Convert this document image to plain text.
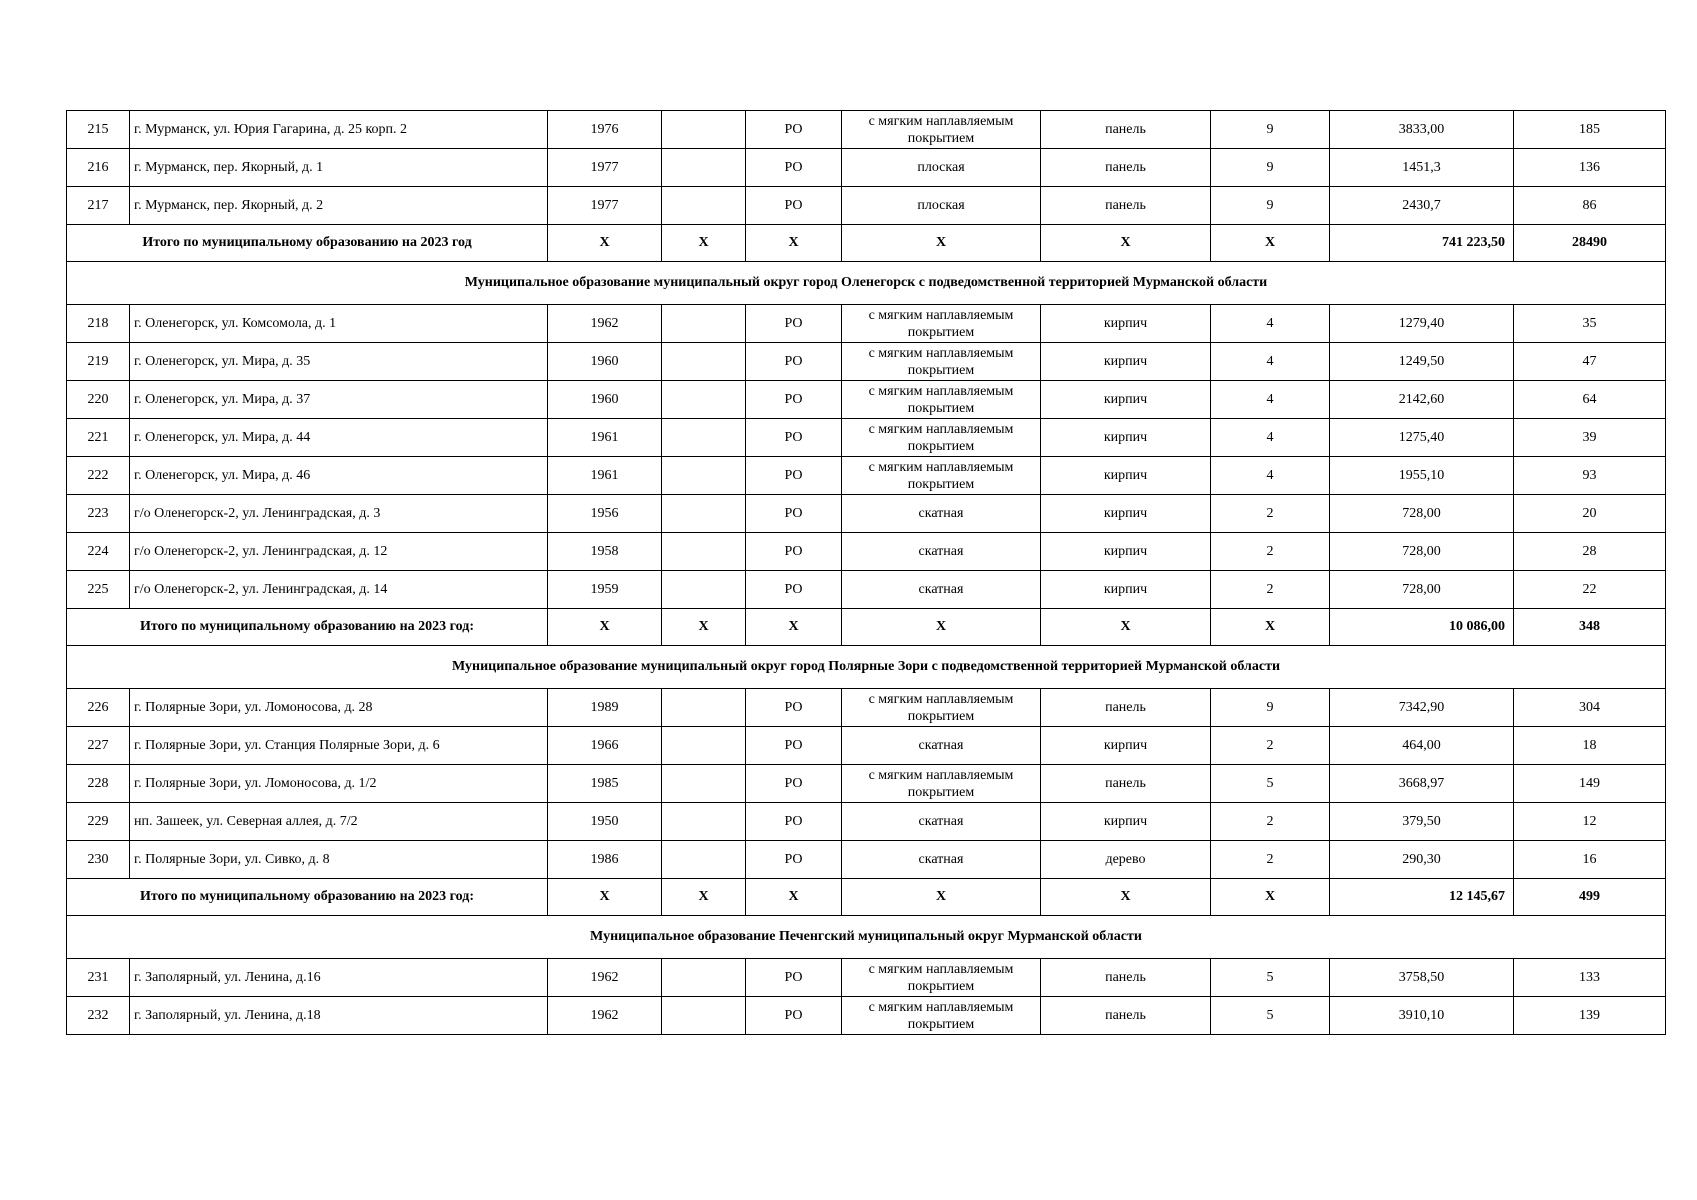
215	г. Мурманск, ул. Юрия Гагарина, д. 25 корп. 2	1976		РО	с мягким наплавляемым покрытием	панель	9	3833,00	185
216	г. Мурманск, пер. Якорный, д. 1	1977		РО	плоская	панель	9	1451,3	136
217	г. Мурманск, пер. Якорный, д. 2	1977		РО	плоская	панель	9	2430,7	86
Итого по муниципальному образованию на 2023 год		X	X	X	X	X	X	741 223,50	28490
Муниципальное образование муниципальный округ город Оленегорск с подведомственной территорией Мурманской области									
218	г. Оленегорск, ул. Комсомола, д. 1	1962		РО	с мягким наплавляемым покрытием	кирпич	4	1279,40	35
219	г. Оленегорск, ул. Мира, д. 35	1960		РО	с мягким наплавляемым покрытием	кирпич	4	1249,50	47
220	г. Оленегорск, ул. Мира, д. 37	1960		РО	с мягким наплавляемым покрытием	кирпич	4	2142,60	64
221	г. Оленегорск, ул. Мира, д. 44	1961		РО	с мягким наплавляемым покрытием	кирпич	4	1275,40	39
222	г. Оленегорск, ул. Мира, д. 46	1961		РО	с мягким наплавляемым покрытием	кирпич	4	1955,10	93
223	г/о Оленегорск-2, ул. Ленинградская, д. 3	1956		РО	скатная	кирпич	2	728,00	20
224	г/о Оленегорск-2, ул. Ленинградская, д. 12	1958		РО	скатная	кирпич	2	728,00	28
225	г/о Оленегорск-2, ул. Ленинградская, д. 14	1959		РО	скатная	кирпич	2	728,00	22
Итого по муниципальному образованию на 2023 год:		X	X	X	X	X	X	10 086,00	348
Муниципальное образование муниципальный округ город Полярные Зори с подведомственной территорией Мурманской области									
226	г. Полярные Зори, ул. Ломоносова, д. 28	1989		РО	с мягким наплавляемым покрытием	панель	9	7342,90	304
227	г. Полярные Зори, ул. Станция Полярные Зори, д. 6	1966		РО	скатная	кирпич	2	464,00	18
228	г. Полярные Зори, ул. Ломоносова, д. 1/2	1985		РО	с мягким наплавляемым покрытием	панель	5	3668,97	149
229	нп. Зашеек, ул. Северная аллея, д. 7/2	1950		РО	скатная	кирпич	2	379,50	12
230	г. Полярные Зори, ул. Сивко, д. 8	1986		РО	скатная	дерево	2	290,30	16
Итого по муниципальному образованию на 2023 год:		X	X	X	X	X	X	12 145,67	499
Муниципальное образование Печенгский муниципальный округ Мурманской области									
231	г. Заполярный, ул. Ленина, д.16	1962		РО	с мягким наплавляемым покрытием	панель	5	3758,50	133
232	г. Заполярный, ул. Ленина, д.18	1962		РО	с мягким наплавляемым покрытием	панель	5	3910,10	139
